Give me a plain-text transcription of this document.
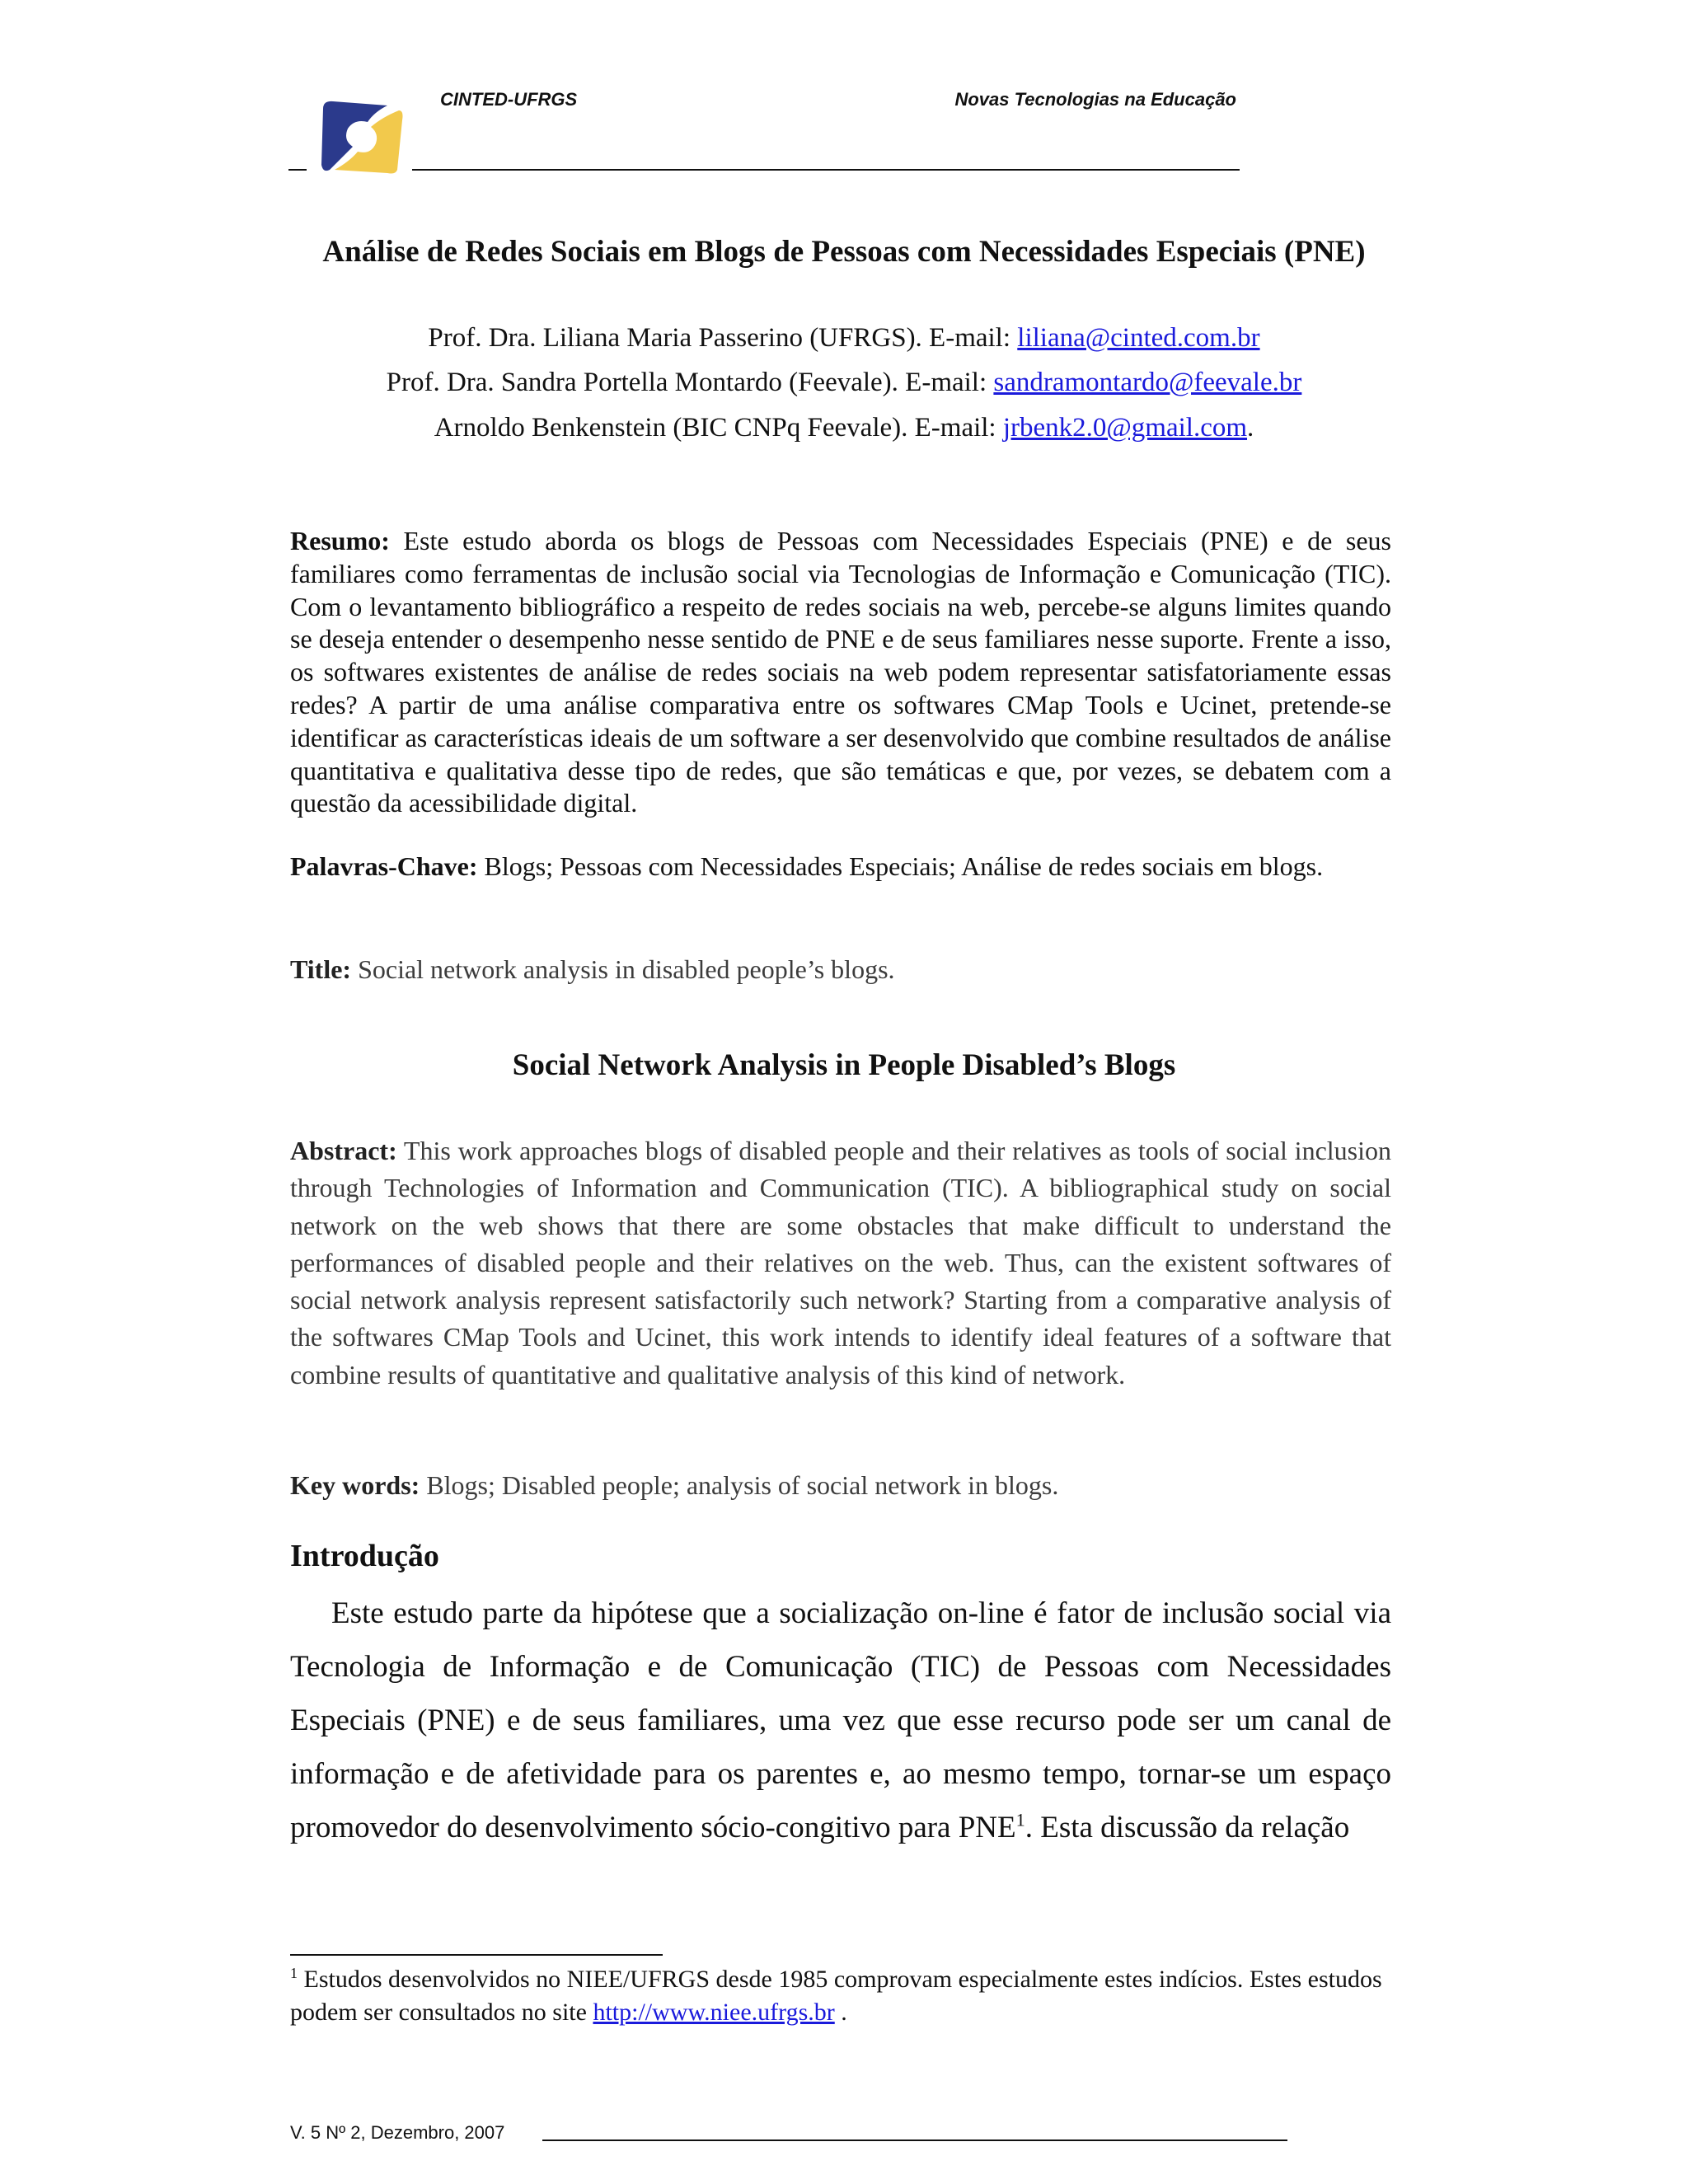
CINTED-UFRGS	Novas Tecnologias na Educação
Análise de Redes Sociais em Blogs de Pessoas com Necessidades Especiais (PNE)
Prof. Dra. Liliana Maria Passerino (UFRGS). E-mail: liliana@cinted.com.br
Prof. Dra. Sandra Portella Montardo (Feevale). E-mail: sandramontardo@feevale.br
Arnoldo Benkenstein (BIC CNPq Feevale). E-mail: jrbenk2.0@gmail.com.
Resumo: Este estudo aborda os blogs de Pessoas com Necessidades Especiais (PNE) e de seus familiares como ferramentas de inclusão social via Tecnologias de Informação e Comunicação (TIC). Com o levantamento bibliográfico a respeito de redes sociais na web, percebe-se alguns limites quando se deseja entender o desempenho nesse sentido de PNE e de seus familiares nesse suporte. Frente a isso, os softwares existentes de análise de redes sociais na web podem representar satisfatoriamente essas redes? A partir de uma análise comparativa entre os softwares CMap Tools e Ucinet, pretende-se identificar as características ideais de um software a ser desenvolvido que combine resultados de análise quantitativa e qualitativa desse tipo de redes, que são temáticas e que, por vezes, se debatem com a questão da acessibilidade digital.
Palavras-Chave: Blogs; Pessoas com Necessidades Especiais; Análise de redes sociais em blogs.
Title: Social network analysis in disabled people’s blogs.
Social Network Analysis in People Disabled’s Blogs
Abstract: This work approaches blogs of disabled people and their relatives as tools of social inclusion through Technologies of Information and Communication (TIC). A bibliographical study on social network on the web shows that there are some obstacles that make difficult to understand the performances of disabled people and their relatives on the web. Thus, can the existent softwares of social network analysis represent satisfactorily such network? Starting from a comparative analysis of the softwares CMap Tools and Ucinet, this work intends to identify ideal features of a software that combine results of quantitative and qualitative analysis of this kind of network.
Key words: Blogs; Disabled people; analysis of social network in blogs.
Introdução
Este estudo parte da hipótese que a socialização on-line é fator de inclusão social via Tecnologia de Informação e de Comunicação (TIC) de Pessoas com Necessidades Especiais (PNE) e de seus familiares, uma vez que esse recurso pode ser um canal de informação e de afetividade para os parentes e, ao mesmo tempo, tornar-se um espaço promovedor do desenvolvimento sócio-congitivo para PNE$^1$. Esta discussão da relação
$^1$ Estudos desenvolvidos no NIEE/UFRGS desde 1985 comprovam especialmente estes indícios. Estes estudos podem ser consultados no site http://www.niee.ufrgs.br .
V. 5 Nº 2, Dezembro, 2007
